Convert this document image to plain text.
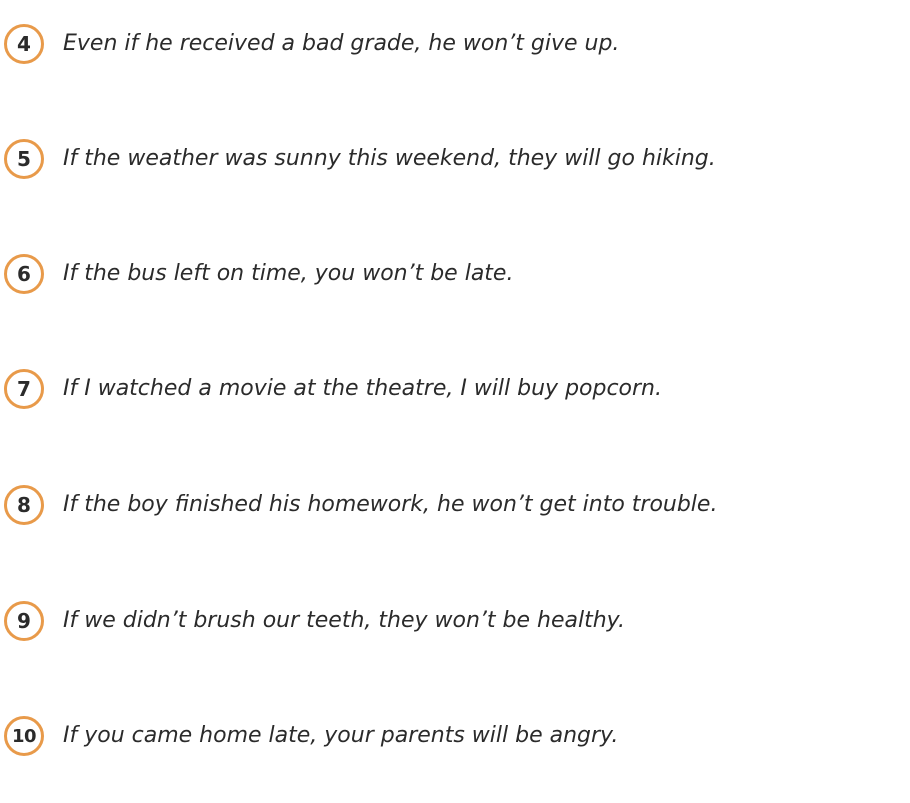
4	Even if he received a bad grade, he won’t give up.
5	If the weather was sunny this weekend, they will go hiking.
6	If the bus left on time, you won’t be late.
7	If I watched a movie at the theatre, I will buy popcorn.
8	If the boy finished his homework, he won’t get into trouble.
9	If we didn’t brush our teeth, they won’t be healthy.
10	If you came home late, your parents will be angry.
